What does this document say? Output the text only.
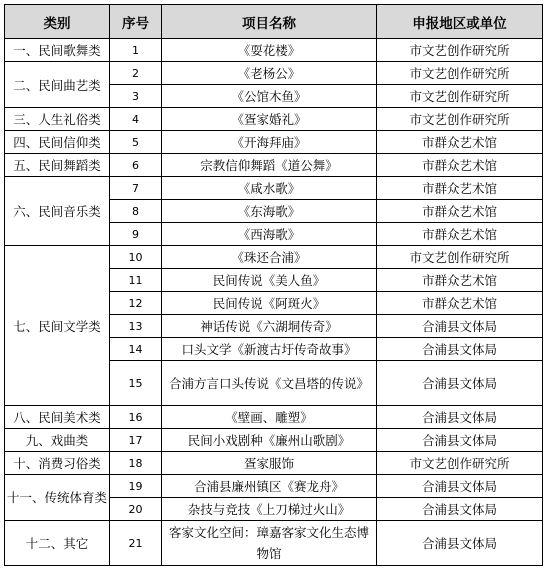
类别	序号	项目名称	申报地区或单位
一、民间歌舞类	1	《耍花楼》	市文艺创作研究所
二、民间曲艺类	2	《老杨公》	市文艺创作研究所
	3	《公馆木鱼》	市文艺创作研究所
三、人生礼俗类	4	《疍家婚礼》	市文艺创作研究所
四、民间信仰类	5	《开海拜庙》	市群众艺术馆
五、民间舞蹈类	6	宗教信仰舞蹈《道公舞》	市群众艺术馆
六、民间音乐类	7	《咸水歌》	市群众艺术馆
	8	《东海歌》	市群众艺术馆
	9	《西海歌》	市群众艺术馆
七、民间文学类	10	《珠还合浦》	市文艺创作研究所
	11	民间传说《美人鱼》	市群众艺术馆
	12	民间传说《阿斑火》	市群众艺术馆
	13	神话传说《六湖垌传奇》	合浦县文体局
	14	口头文学《新渡古圩传奇故事》	合浦县文体局
	15	合浦方言口头传说《文昌塔的传说》	合浦县文体局
八、民间美术类	16	《壁画、雕塑》	合浦县文体局
九、戏曲类	17	民间小戏剧种《廉州山歌剧》	合浦县文体局
十、消费习俗类	18	疍家服饰	市文艺创作研究所
十一、传统体育类	19	合浦县廉州镇区《赛龙舟》	合浦县文体局
	20	杂技与竞技《上刀梯过火山》	合浦县文体局
十二、其它	21	客家文化空间：璋嘉客家文化生态博物馆	合浦县文体局
